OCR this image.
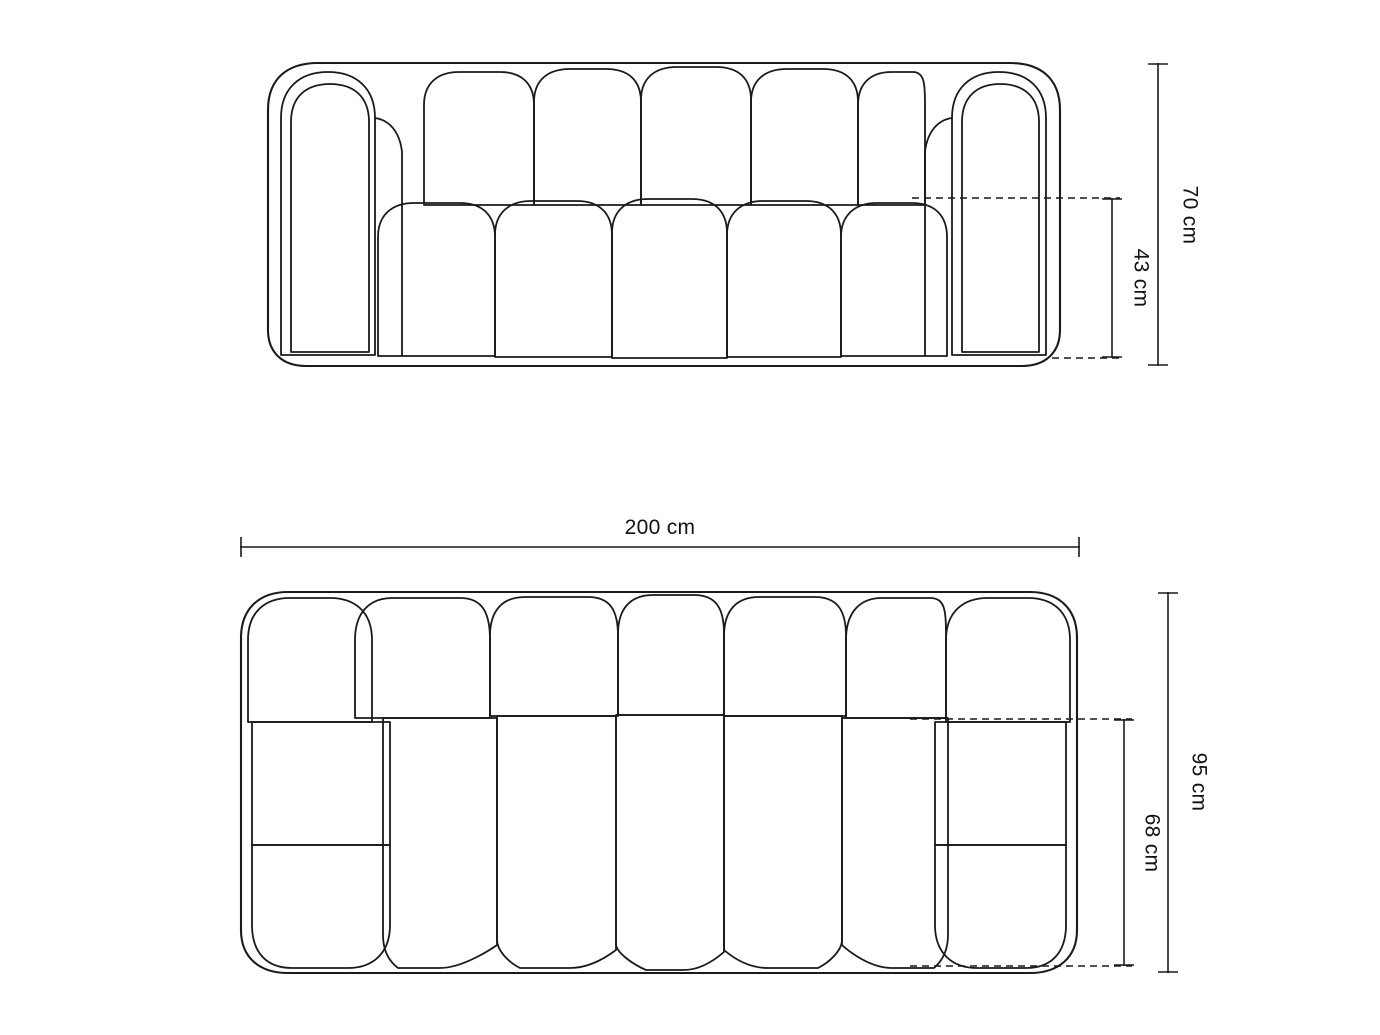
70 cm
43 cm
200 cm
95 cm
68 cm
